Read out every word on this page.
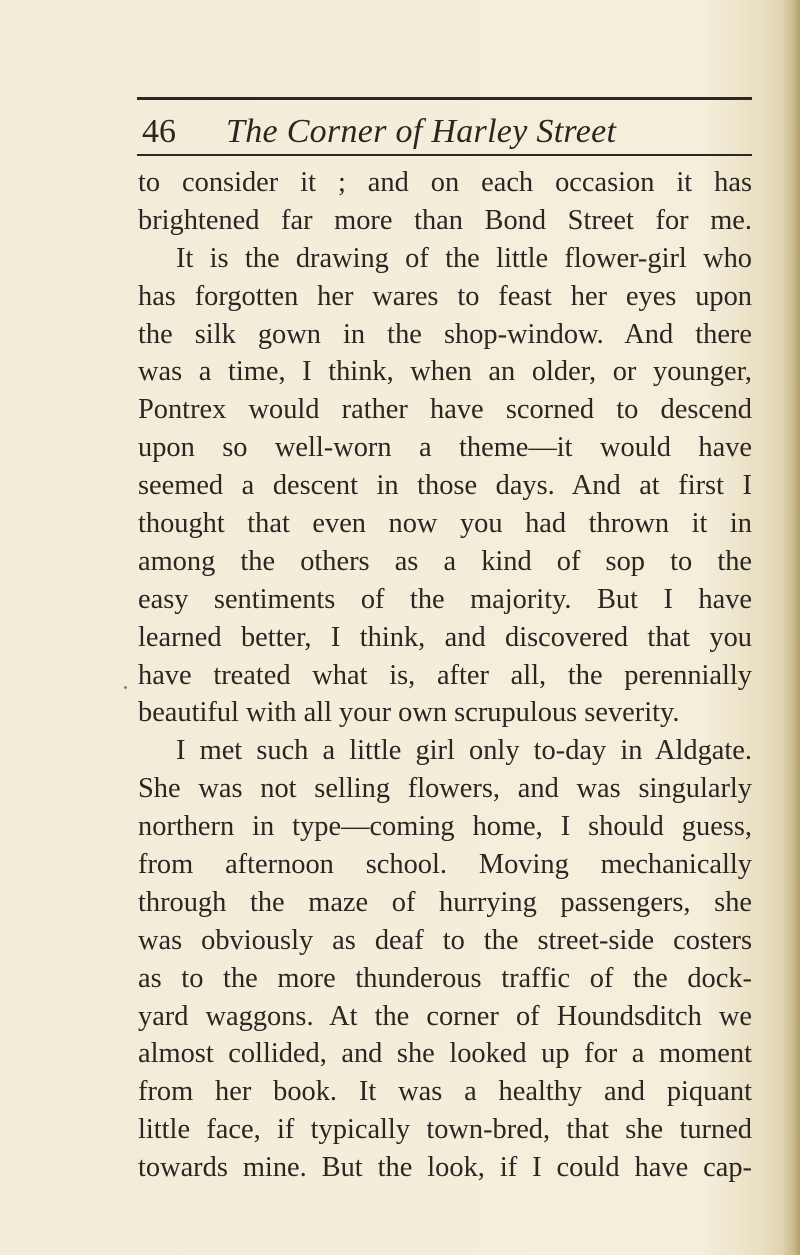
46 The Corner of Harley Street
to consider it ; and on each occasion it has
brightened far more than Bond Street for me.
It is the drawing of the little flower-girl who
has forgotten her wares to feast her eyes upon
the silk gown in the shop-window. And there
was a time, I think, when an older, or younger,
Pontrex would rather have scorned to descend
upon so well-worn a theme—it would have
seemed a descent in those days. And at first I
thought that even now you had thrown it in
among the others as a kind of sop to the
easy sentiments of the majority. But I have
learned better, I think, and discovered that you
have treated what is, after all, the perennially
beautiful with all your own scrupulous severity.
I met such a little girl only to-day in Aldgate.
She was not selling flowers, and was singularly
northern in type—coming home, I should guess,
from afternoon school. Moving mechanically
through the maze of hurrying passengers, she
was obviously as deaf to the street-side costers
as to the more thunderous traffic of the dock-
yard waggons. At the corner of Houndsditch we
almost collided, and she looked up for a moment
from her book. It was a healthy and piquant
little face, if typically town-bred, that she turned
towards mine. But the look, if I could have cap-
